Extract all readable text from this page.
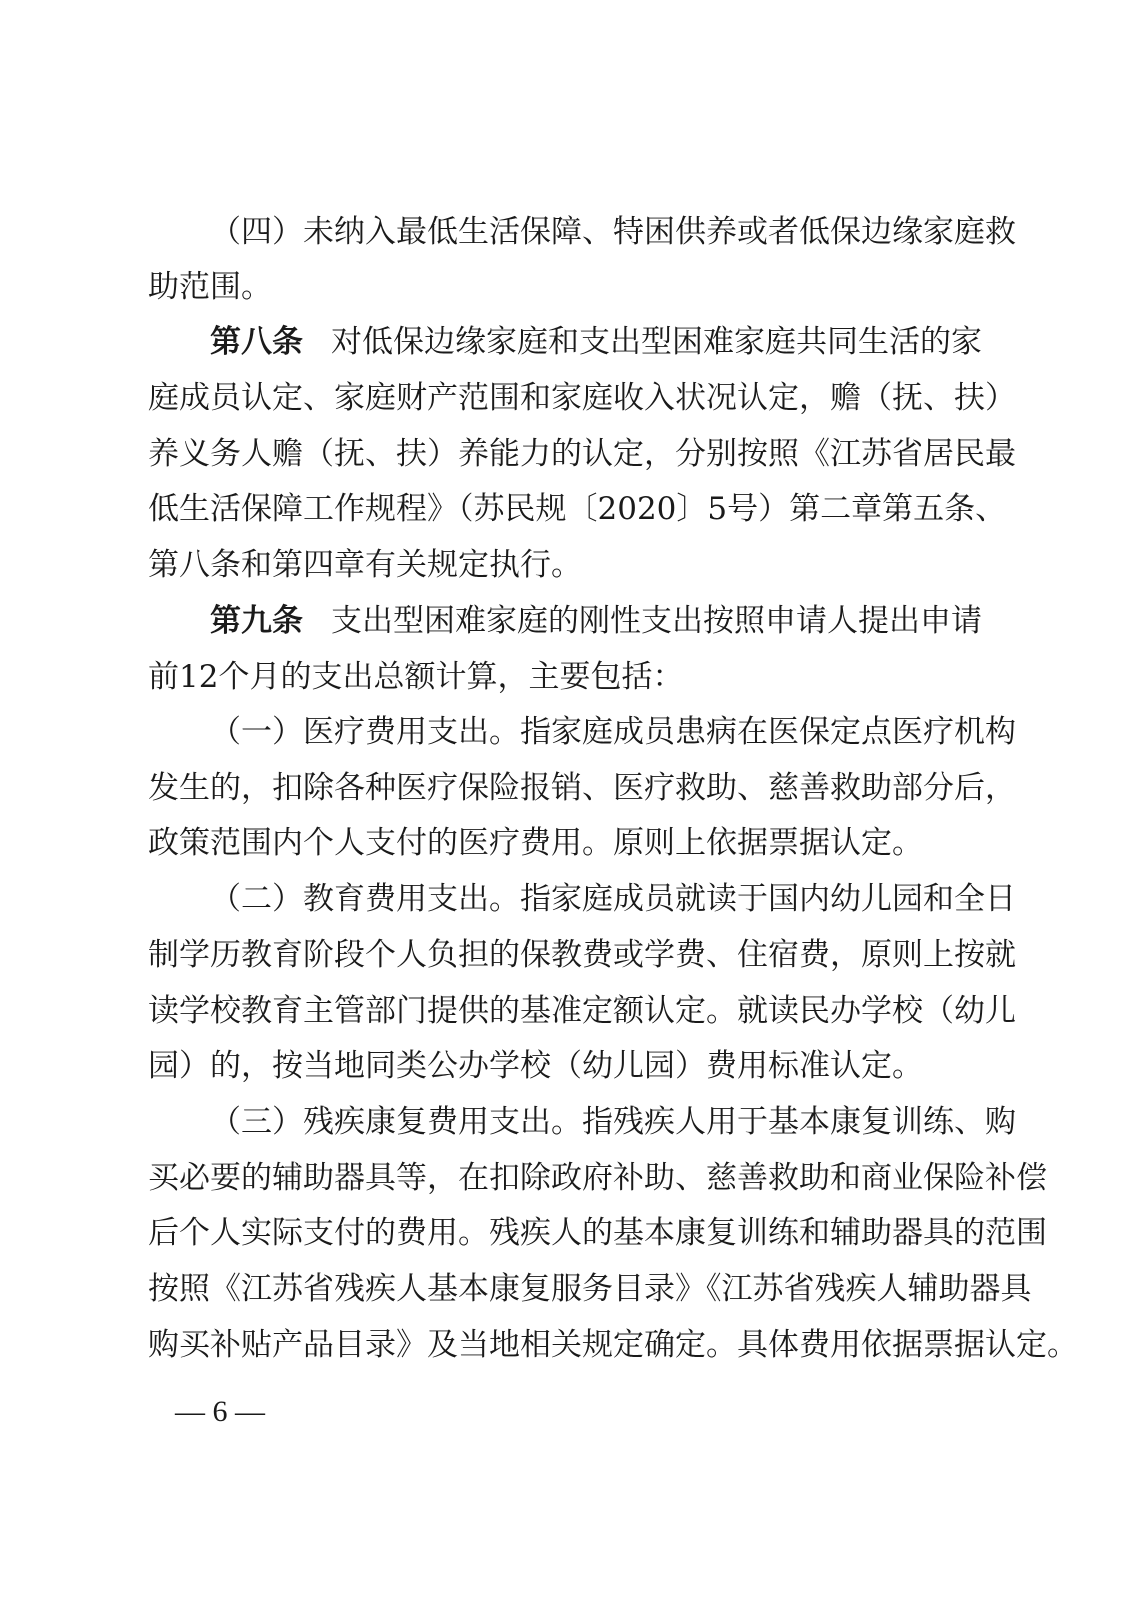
（四）未纳入最低生活保障、特困供养或者低保边缘家庭救

助范围。

第八条 对低保边缘家庭和支出型困难家庭共同生活的家

庭成员认定、家庭财产范围和家庭收入状况认定，赡（抚、扶）

养义务人赡（抚、扶）养能力的认定，分别按照《江苏省居民最

低生活保障工作规程》（苏民规〔2020〕5号）第二章第五条、

第八条和第四章有关规定执行。

第九条 支出型困难家庭的刚性支出按照申请人提出申请

前12个月的支出总额计算，主要包括：

（一）医疗费用支出。指家庭成员患病在医保定点医疗机构

发生的，扣除各种医疗保险报销、医疗救助、慈善救助部分后，

政策范围内个人支付的医疗费用。原则上依据票据认定。

（二）教育费用支出。指家庭成员就读于国内幼儿园和全日

制学历教育阶段个人负担的保教费或学费、住宿费，原则上按就

读学校教育主管部门提供的基准定额认定。就读民办学校（幼儿

园）的，按当地同类公办学校（幼儿园）费用标准认定。

（三）残疾康复费用支出。指残疾人用于基本康复训练、购

买必要的辅助器具等，在扣除政府补助、慈善救助和商业保险补偿

后个人实际支付的费用。残疾人的基本康复训练和辅助器具的范围

按照《江苏省残疾人基本康复服务目录》《江苏省残疾人辅助器具

购买补贴产品目录》及当地相关规定确定。具体费用依据票据认定。

— 6 —
